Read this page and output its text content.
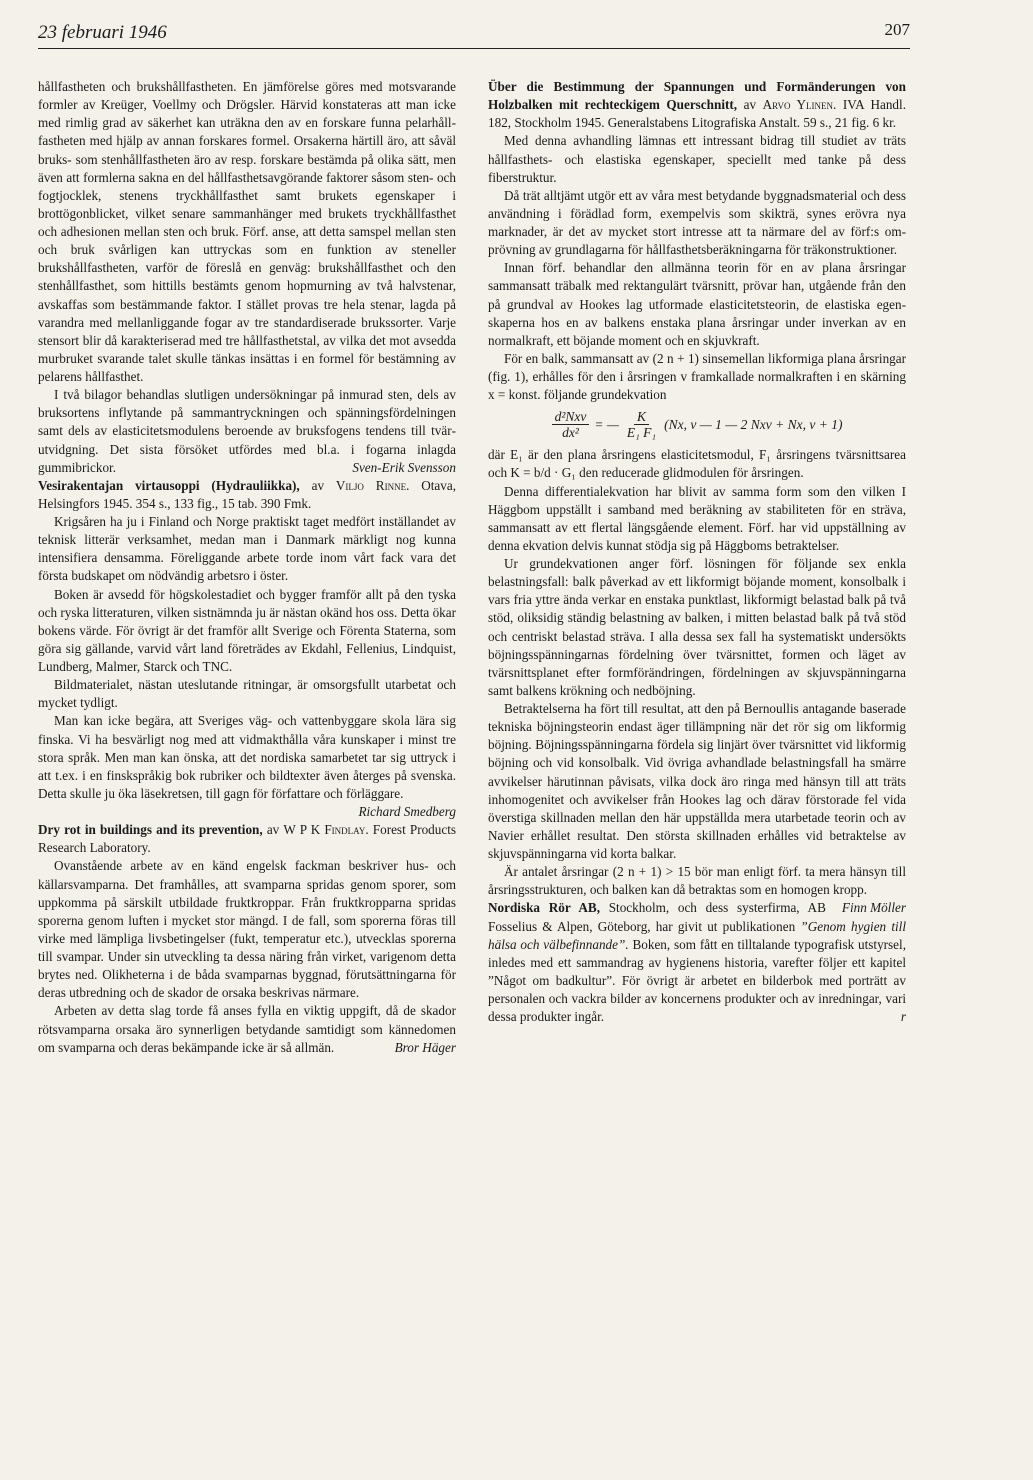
23 februari 1946	207

hållfastheten och brukshållfastheten. En jämförelse göres med motsvarande formler av Kreüger, Voellmy och Drögsler. Härvid konstateras att man icke med rimlig grad av säkerhet kan uträkna den av en forskare funna pelarhållfastheten med hjälp av annan forskares formel. Orsakerna härtill äro, att såväl bruks- som stenhållfastheten äro av resp. forskare bestämda på olika sätt, men även att formlerna sakna en del hållfasthetsavgörande faktorer såsom sten- och fogtjocklek, stenens tryckhållfasthet samt brukets egenskaper i brottögonblicket, vilket senare sammanhänger med brukets tryckhållfasthet och adhesionen mellan sten och bruk. Förf. anse, att detta samspel mellan sten och bruk svårligen kan uttryckas som en funktion av steneller brukshållfastheten, varför de föreslå en genväg: brukshållfasthet och den stenhållfasthet, som hittills bestämts genom hopmurning av två halvstenar, avskaffas som bestämmande faktor. I stället provas tre hela stenar, lagda på varandra med mellanliggande fogar av tre standardiserade brukssorter. Varje stensort blir då karakteriserad med tre hållfasthetstal, av vilka det mot avsedda murbruket svarande talet skulle tänkas insättas i en formel för bestämning av pelarens hållfasthet.

I två bilagor behandlas slutligen undersökningar på inmurad sten, dels av bruksortens inflytande på sammantryckningen och spänningsfördelningen samt dels av elasticitetsmodulens beroende av bruksfogens tendens till tvärutvidgning. Det sista försöket utfördes med bl.a. i fogarna inlagda gummibrickor.	Sven-Erik Svensson

Vesirakentajan virtausoppi (Hydrauliikka), av Viljo Rinne. Otava, Helsingfors 1945. 354 s., 133 fig., 15 tab. 390 Fmk.

Krigsåren ha ju i Finland och Norge praktiskt taget medfört inställandet av teknisk litterär verksamhet, medan man i Danmark märkligt nog kunna intensifiera densamma. Föreliggande arbete torde inom vårt fack vara det första budskapet om nödvändig arbetsro i öster.

Boken är avsedd för högskolestadiet och bygger framför allt på den tyska och ryska litteraturen, vilken sistnämnda ju är nästan okänd hos oss. Detta ökar bokens värde. För övrigt är det framför allt Sverige och Förenta Staterna, som göra sig gällande, varvid vårt land företrädes av Ekdahl, Fellenius, Lindquist, Lundberg, Malmer, Starck och TNC.

Bildmaterialet, nästan uteslutande ritningar, är omsorgsfullt utarbetat och mycket tydligt.

Man kan icke begära, att Sveriges väg- och vattenbyggare skola lära sig finska. Vi ha besvärligt nog med att vidmakthålla våra kunskaper i minst tre stora språk. Men man kan önska, att det nordiska samarbetet tar sig uttryck i att t.ex. i en finskspråkig bok rubriker och bildtexter även återges på svenska. Detta skulle ju öka läsekretsen, till gagn för författare och förläggare.

Richard Smedberg

Dry rot in buildings and its prevention, av W P K Findlay. Forest Products Research Laboratory.

Ovanstående arbete av en känd engelsk fackman beskriver hus- och källarsvamparna. Det framhålles, att svamparna spridas genom sporer, som uppkomma på särskilt utbildade fruktkroppar. Från fruktkropparna spridas sporerna genom luften i mycket stor mängd. I de fall, som sporerna föras till virke med lämpliga livsbetingelser (fukt, temperatur etc.), utvecklas sporerna till svampar. Under sin utveckling ta dessa näring från virket, varigenom detta brytes ned. Olikheterna i de båda svamparnas byggnad, förutsättningarna för deras utbredning och de skador de orsaka beskrivas närmare.

Arbeten av detta slag torde få anses fylla en viktig uppgift, då de skador rötsvamparna orsaka äro synnerligen betydande samtidigt som kännedomen om svamparna och deras bekämpande icke är så allmän.	Bror Häger

Über die Bestimmung der Spannungen und Formänderungen von Holzbalken mit rechteckigem Querschnitt, av Arvo Ylinen. IVA Handl. 182, Stockholm 1945. Generalstabens Litografiska Anstalt. 59 s., 21 fig. 6 kr.

Med denna avhandling lämnas ett intressant bidrag till studiet av träts hållfasthets- och elastiska egenskaper, speciellt med tanke på dess fiberstruktur.

Då trät alltjämt utgör ett av våra mest betydande byggnadsmaterial och dess användning i förädlad form, exempelvis som skikträ, synes erövra nya marknader, är det av mycket stort intresse att ta närmare del av förf:s omprövning av grundlagarna för hållfasthetsberäkningarna för träkonstruktioner.

Innan förf. behandlar den allmänna teorin för en av plana årsringar sammansatt träbalk med rektangulärt tvärsnitt, prövar han, utgående från den på grundval av Hookes lag utformade elasticitetsteorin, de elastiska egenskaperna hos en av balkens enstaka plana årsringar under inverkan av en normalkraft, ett böjande moment och en skjuvkraft.

För en balk, sammansatt av (2 n + 1) sinsemellan likformiga plana årsringar (fig. 1), erhålles för den i årsringen v framkallade normalkraften i en skärning x = konst. följande grundekvation

$\frac{\text{d²Nxv}}{\text{dx²}}$ = — $\frac{K}{\text{E₁ F₁}} (Nx$, v — 1 — 2 Nxv + Nx, v + 1)

där E₁ är den plana årsringens elasticitetsmodul, F₁ årsringens tvärsnittsarea och K = b/d · G₁ den reducerade glidmodulen för årsringen.

Denna differentialekvation har blivit av samma form som den vilken I Häggbom uppställt i samband med beräkning av stabiliteten för en sträva, sammansatt av ett flertal längsgående element. Förf. har vid uppställning av denna ekvation delvis kunnat stödja sig på Häggboms betraktelser.

Ur grundekvationen anger förf. lösningen för följande sex enkla belastningsfall: balk påverkad av ett likformigt böjande moment, konsolbalk i vars fria yttre ända verkar en enstaka punktlast, likformigt belastad balk på två stöd, oliksidig ständig belastning av balken, i mitten belastad balk på två stöd och centriskt belastad sträva. I alla dessa sex fall ha systematiskt undersökts böjningsspänningarnas fördelning över tvärsnittet, formen och läget av tvärsnittsplanet efter formförändringen, fördelningen av skjuvspänningarna samt balkens krökning och nedböjning.

Betraktelserna ha fört till resultat, att den på Bernoullis antagande baserade tekniska böjningsteorin endast äger tillämpning när det rör sig om likformig böjning. Böjningsspänningarna fördela sig linjärt över tvärsnittet vid likformig böjning och vid konsolbalk. Vid övriga avhandlade belastningsfall ha smärre avvikelser härutinnan påvisats, vilka dock äro ringa med hänsyn till att träts inhomogenitet och avvikelser från Hookes lag och därav förstorade fel vida överstiga skillnaden mellan den här uppställda mera utarbetade teorin och av Navier erhållet resultat. Den största skillnaden erhålles vid betraktelse av skjuvspänningarna vid korta balkar.

Är antalet årsringar (2 n + 1) > 15 bör man enligt förf. ta mera hänsyn till årsringsstrukturen, och balken kan då betraktas som en homogen kropp.
Finn Möller

Nordiska Rör AB, Stockholm, och dess systerfirma, AB Fosselius & Alpen, Göteborg, har givit ut publikationen ”Genom hygien till hälsa och välbefinnande”. Boken, som fått en tilltalande typografisk utstyrsel, inledes med ett sammandrag av hygienens historia, varefter följer ett kapitel ”Något om badkultur”. För övrigt är arbetet en bilderbok med porträtt av personalen och vackra bilder av koncernens produkter och av inredningar, vari dessa produkter ingår.	r
